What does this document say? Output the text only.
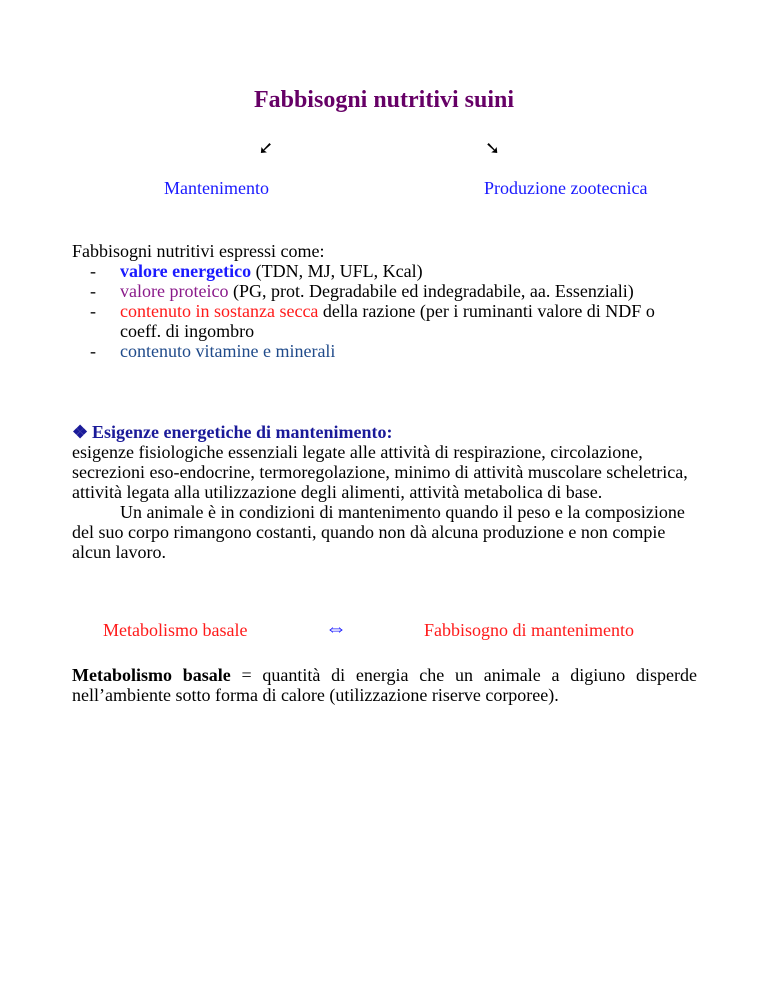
Fabbisogni nutritivi suini
➘	➘
Mantenimento	Produzione zootecnica

Fabbisogni nutritivi espressi come:

- valore energetico (TDN, MJ, UFL, Kcal)
- valore proteico (PG, prot. Degradabile ed indegradabile, aa. Essenziali)
- contenuto in sostanza secca della razione (per i ruminanti valore di NDF o coeff. di ingombro
- contenuto vitamine e minerali

❖ Esigenze energetiche di mantenimento:

esigenze fisiologiche essenziali legate alle attività di respirazione, circolazione, secrezioni eso-endocrine, termoregolazione, minimo di attività muscolare scheletrica, attività legata alla utilizzazione degli alimenti, attività metabolica di base.

Un animale è in condizioni di mantenimento quando il peso e la composizione del suo corpo rimangono costanti, quando non dà alcuna produzione e non compie alcun lavoro.

Metabolismo basale	⇔	Fabbisogno di mantenimento

Metabolismo basale = quantità di energia che un animale a digiuno disperde nell’ambiente sotto forma di calore (utilizzazione riserve corporee).
